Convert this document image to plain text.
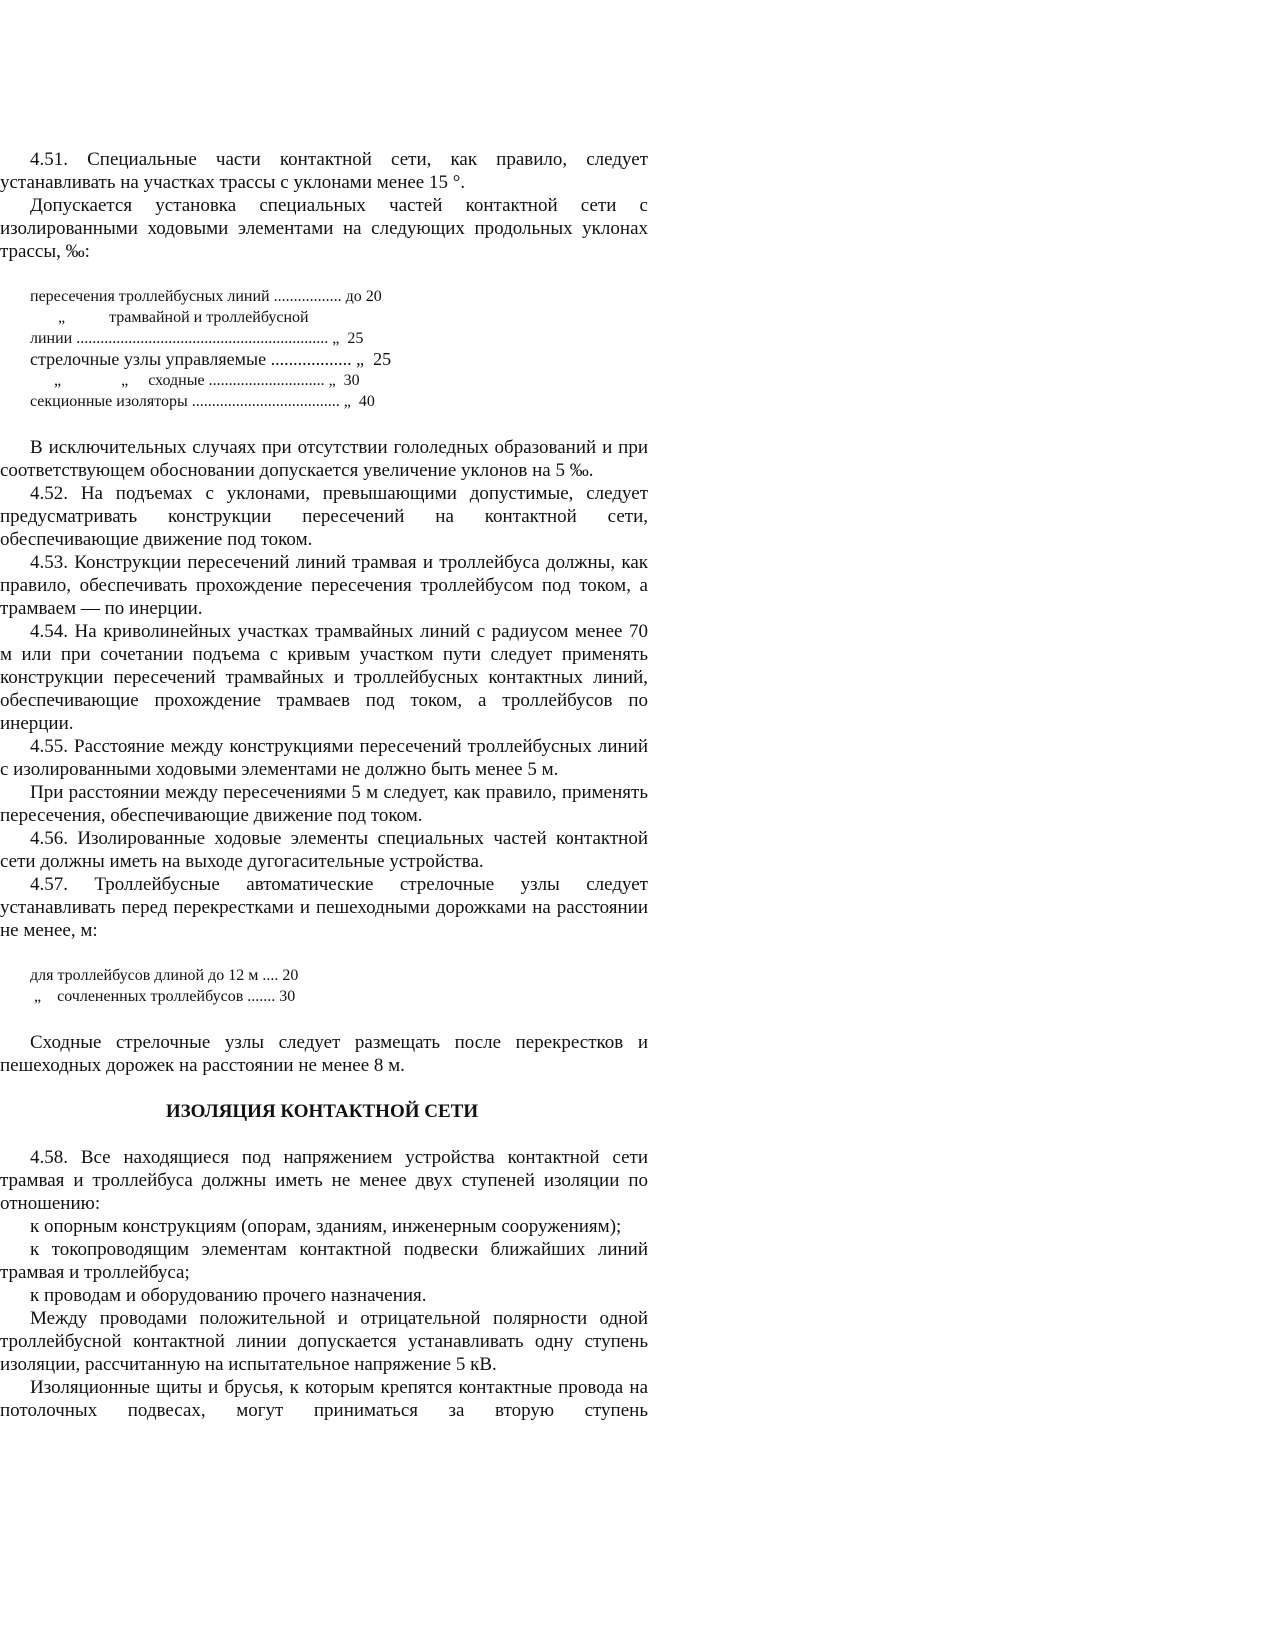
4.51. Специальные части контактной сети, как правило, следует устанавливать на участках трассы с уклонами менее 15 °.

Допускается установка специальных частей контактной сети с изолированными ходовыми элементами на следующих продольных уклонах трассы, ‰:

пересечения троллейбусных линий ................. до 20
„           трамвайной и троллейбусной
линии ............................................................... „  25
стрелочные узлы управляемые .................. „  25
„               „     сходные ............................. „  30
секционные изоляторы ..................................... „  40

В исключительных случаях при отсутствии гололедных образований и при соответствующем обосновании допускается увеличение уклонов на 5 ‰.

4.52. На подъемах с уклонами, превышающими допустимые, следует предусматривать конструкции пересечений на контактной сети, обеспечивающие движение под током.

4.53. Конструкции пересечений линий трамвая и троллейбуса должны, как правило, обеспечивать прохождение пересечения троллейбусом под током, а трамваем — по инерции.

4.54. На криволинейных участках трамвайных линий с радиусом менее 70 м или при сочетании подъема с кривым участком пути следует применять конструкции пересечений трамвайных и троллейбусных контактных линий, обеспечивающие прохождение трамваев под током, а троллейбусов по инерции.

4.55. Расстояние между конструкциями пересечений троллейбусных линий с изолированными ходовыми элементами не должно быть менее 5 м.

При расстоянии между пересечениями 5 м следует, как правило, применять пересечения, обеспечивающие движение под током.

4.56. Изолированные ходовые элементы специальных частей контактной сети должны иметь на выходе дугогасительные устройства.

4.57. Троллейбусные автоматические стрелочные узлы следует устанавливать перед перекрестками и пешеходными дорожками на расстоянии не менее, м:

для троллейбусов длиной до 12 м .... 20
„    сочлененных троллейбусов ....... 30

Сходные стрелочные узлы следует размещать после перекрестков и пешеходных дорожек на расстоянии не менее 8 м.

ИЗОЛЯЦИЯ КОНТАКТНОЙ СЕТИ

4.58. Все находящиеся под напряжением устройства контактной сети трамвая и троллейбуса должны иметь не менее двух ступеней изоляции по отношению:

к опорным конструкциям (опорам, зданиям, инженерным сооружениям);

к токопроводящим элементам контактной подвески ближайших линий трамвая и троллейбуса;

к проводам и оборудованию прочего назначения.

Между проводами положительной и отрицательной полярности одной троллейбусной контактной линии допускается устанавливать одну ступень изоляции, рассчитанную на испытательное напряжение 5 кВ.

Изоляционные щиты и брусья, к которым крепятся контактные провода на потолочных подвесах, могут приниматься за вторую ступень
